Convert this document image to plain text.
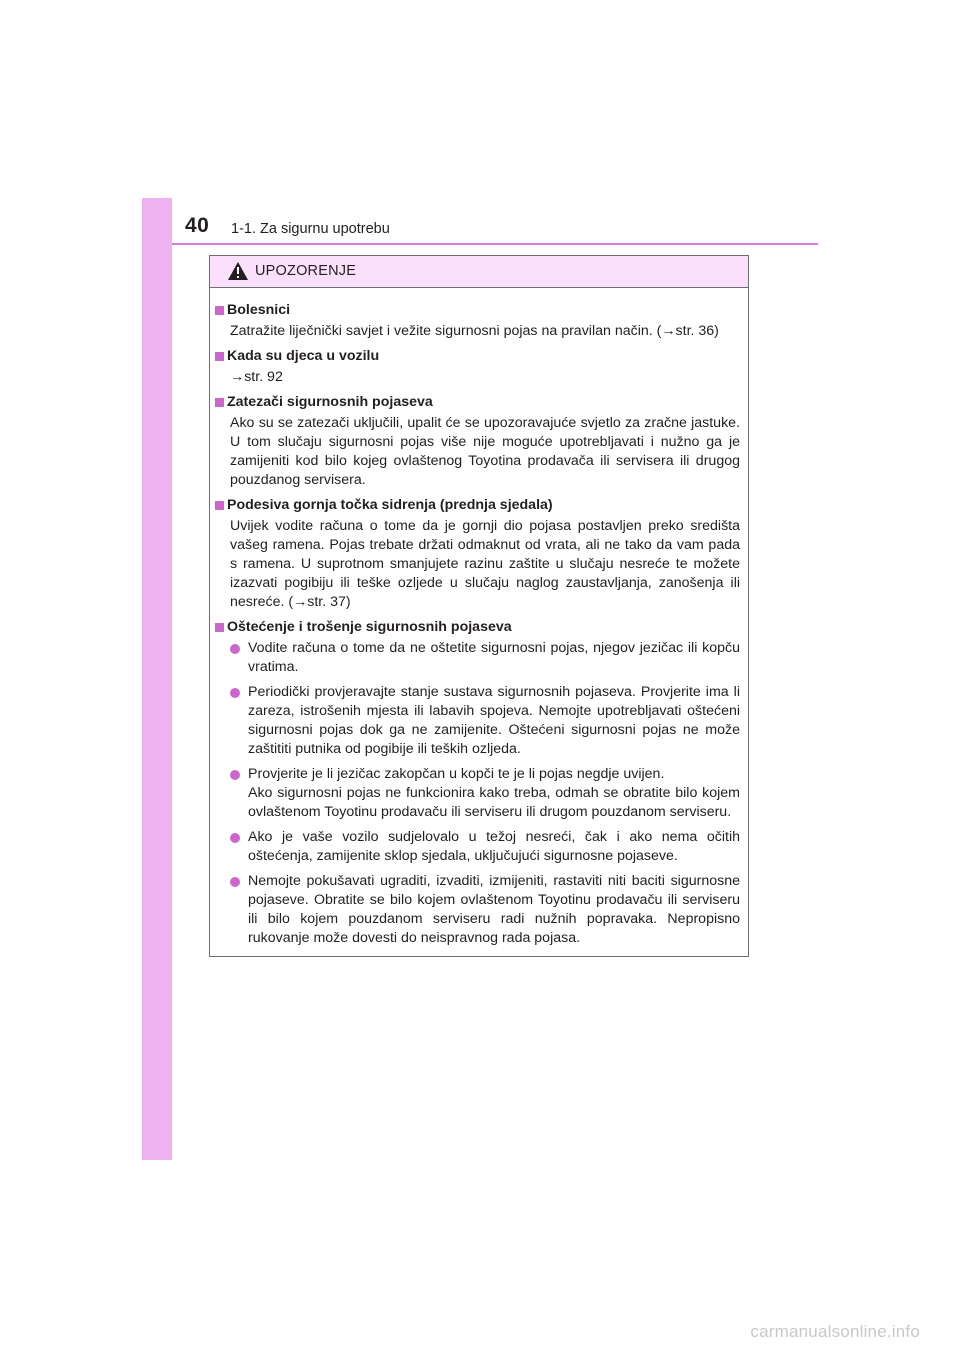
40 1-1. Za sigurnu upotrebu
UPOZORENJE
Bolesnici
Zatražite liječnički savjet i vežite sigurnosni pojas na pravilan način. (→str. 36)
Kada su djeca u vozilu
→str. 92
Zatezači sigurnosnih pojaseva
Ako su se zatezači uključili, upalit će se upozoravajuće svjetlo za zračne jastuke. U tom slučaju sigurnosni pojas više nije moguće upotrebljavati i nužno ga je zamijeniti kod bilo kojeg ovlaštenog Toyotina prodavača ili servisera ili drugog pouzdanog servisera.
Podesiva gornja točka sidrenja (prednja sjedala)
Uvijek vodite računa o tome da je gornji dio pojasa postavljen preko središta vašeg ramena. Pojas trebate držati odmaknut od vrata, ali ne tako da vam pada s ramena. U suprotnom smanjujete razinu zaštite u slučaju nesreće te možete izazvati pogibiju ili teške ozljede u slučaju naglog zaustavljanja, zanošenja ili nesreće. (→str. 37)
Oštećenje i trošenje sigurnosnih pojaseva
Vodite računa o tome da ne oštetite sigurnosni pojas, njegov jezičac ili kopču vratima.
Periodički provjeravajte stanje sustava sigurnosnih pojaseva. Provjerite ima li zareza, istrošenih mjesta ili labavih spojeva. Nemojte upotrebljavati oštećeni sigurnosni pojas dok ga ne zamijenite. Oštećeni sigurnosni pojas ne može zaštititi putnika od pogibije ili teških ozljeda.
Provjerite je li jezičac zakopčan u kopči te je li pojas negdje uvijen.
Ako sigurnosni pojas ne funkcionira kako treba, odmah se obratite bilo kojem ovlaštenom Toyotinu prodavaču ili serviseru ili drugom pouzdanom serviseru.
Ako je vaše vozilo sudjelovalo u težoj nesreći, čak i ako nema očitih oštećenja, zamijenite sklop sjedala, uključujući sigurnosne pojaseve.
Nemojte pokušavati ugraditi, izvaditi, izmijeniti, rastaviti niti baciti sigurnosne pojaseve. Obratite se bilo kojem ovlaštenom Toyotinu prodavaču ili serviseru ili bilo kojem pouzdanom serviseru radi nužnih popravaka. Nepropisno rukovanje može dovesti do neispravnog rada pojasa.
carmanualsonline.info
